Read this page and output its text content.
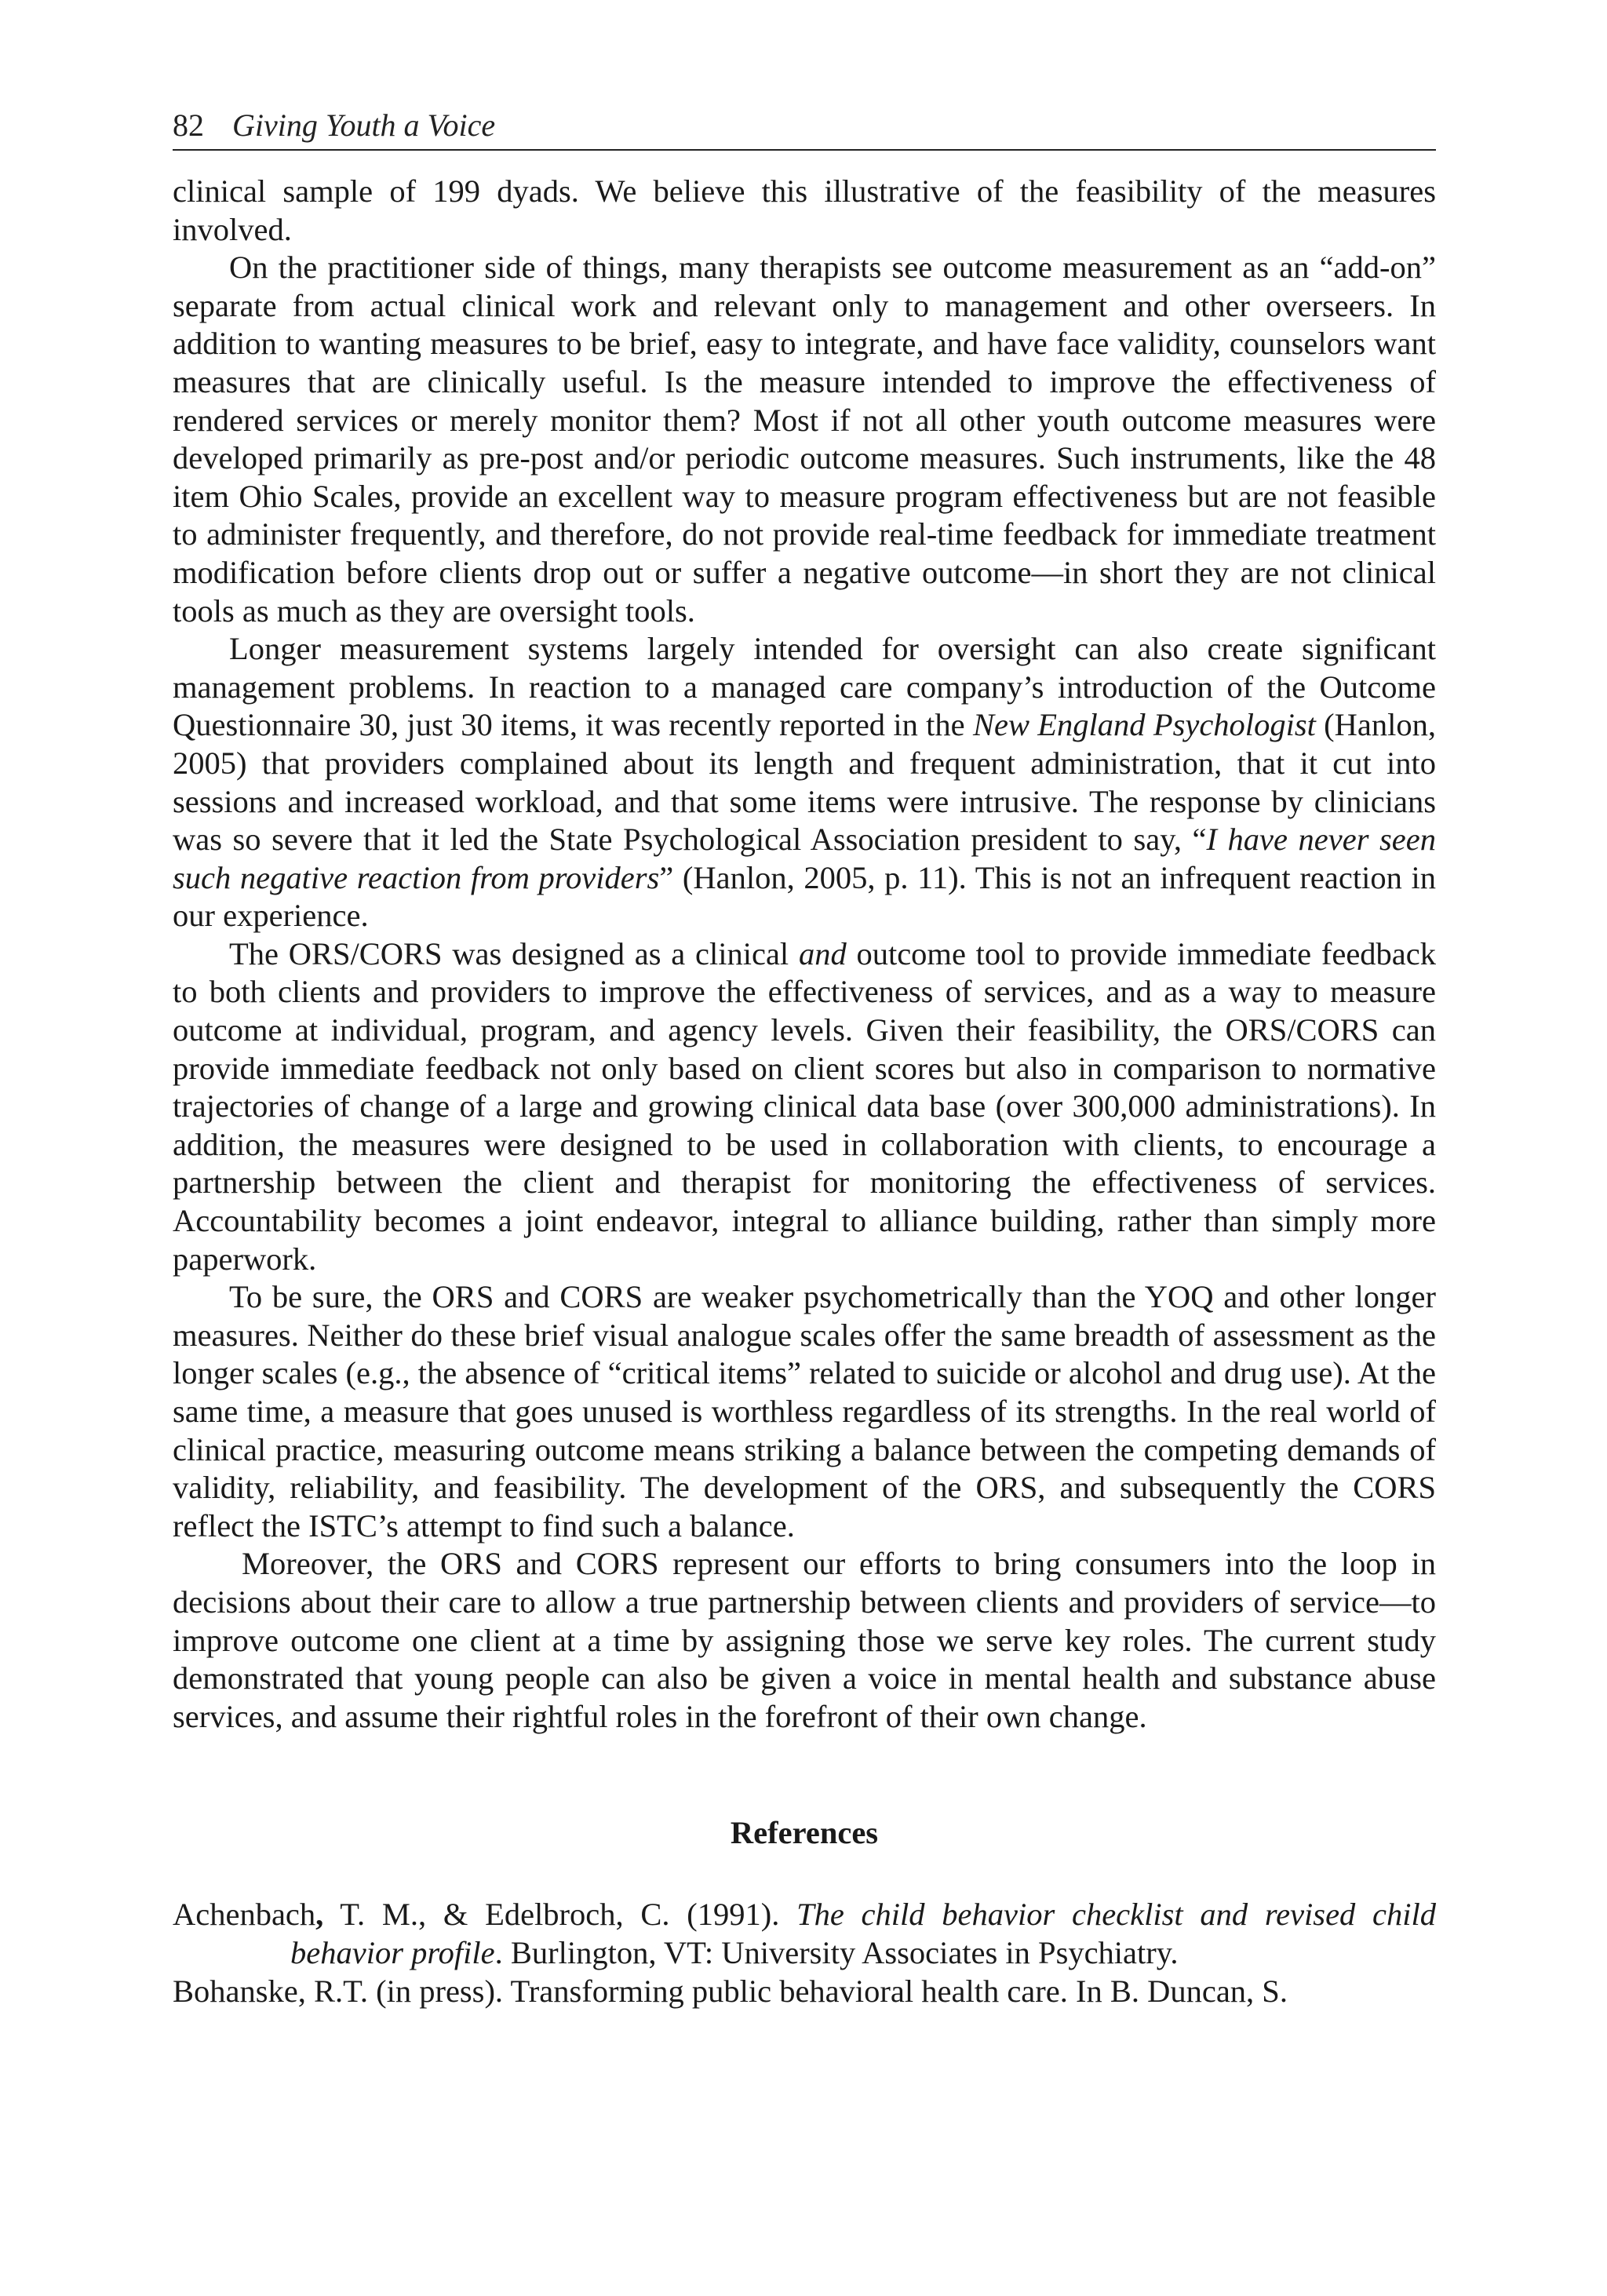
82 Giving Youth a Voice

clinical sample of 199 dyads. We believe this illustrative of the feasibility of the measures involved.

On the practitioner side of things, many therapists see outcome measurement as an “add-on” separate from actual clinical work and relevant only to management and other overseers. In addition to wanting measures to be brief, easy to integrate, and have face validity, counselors want measures that are clinically useful. Is the measure intended to improve the effectiveness of rendered services or merely monitor them? Most if not all other youth outcome measures were developed primarily as pre-post and/or periodic outcome measures. Such instruments, like the 48 item Ohio Scales, provide an excellent way to measure program effectiveness but are not feasible to administer frequently, and therefore, do not provide real-time feedback for immediate treatment modification before clients drop out or suffer a negative outcome—in short they are not clinical tools as much as they are oversight tools.

Longer measurement systems largely intended for oversight can also create significant management problems. In reaction to a managed care company’s introduction of the Outcome Questionnaire 30, just 30 items, it was recently reported in the New England Psychologist (Hanlon, 2005) that providers complained about its length and frequent administration, that it cut into sessions and increased workload, and that some items were intrusive. The response by clinicians was so severe that it led the State Psychological Association president to say, “I have never seen such negative reaction from providers” (Hanlon, 2005, p. 11). This is not an infrequent reaction in our experience.

The ORS/CORS was designed as a clinical and outcome tool to provide immediate feedback to both clients and providers to improve the effectiveness of services, and as a way to measure outcome at individual, program, and agency levels. Given their feasibility, the ORS/CORS can provide immediate feedback not only based on client scores but also in comparison to normative trajectories of change of a large and growing clinical data base (over 300,000 administrations). In addition, the measures were designed to be used in collaboration with clients, to encourage a partnership between the client and therapist for monitoring the effectiveness of services. Accountability becomes a joint endeavor, integral to alliance building, rather than simply more paperwork.

To be sure, the ORS and CORS are weaker psychometrically than the YOQ and other longer measures. Neither do these brief visual analogue scales offer the same breadth of assessment as the longer scales (e.g., the absence of “critical items” related to suicide or alcohol and drug use). At the same time, a measure that goes unused is worthless regardless of its strengths. In the real world of clinical practice, measuring outcome means striking a balance between the competing demands of validity, reliability, and feasibility. The development of the ORS, and subsequently the CORS reflect the ISTC’s attempt to find such a balance.

Moreover, the ORS and CORS represent our efforts to bring consumers into the loop in decisions about their care to allow a true partnership between clients and providers of service—to improve outcome one client at a time by assigning those we serve key roles. The current study demonstrated that young people can also be given a voice in mental health and substance abuse services, and assume their rightful roles in the forefront of their own change.

References

Achenbach, T. M., & Edelbroch, C. (1991). The child behavior checklist and revised child behavior profile. Burlington, VT: University Associates in Psychiatry.

Bohanske, R.T. (in press). Transforming public behavioral health care. In B. Duncan, S.
